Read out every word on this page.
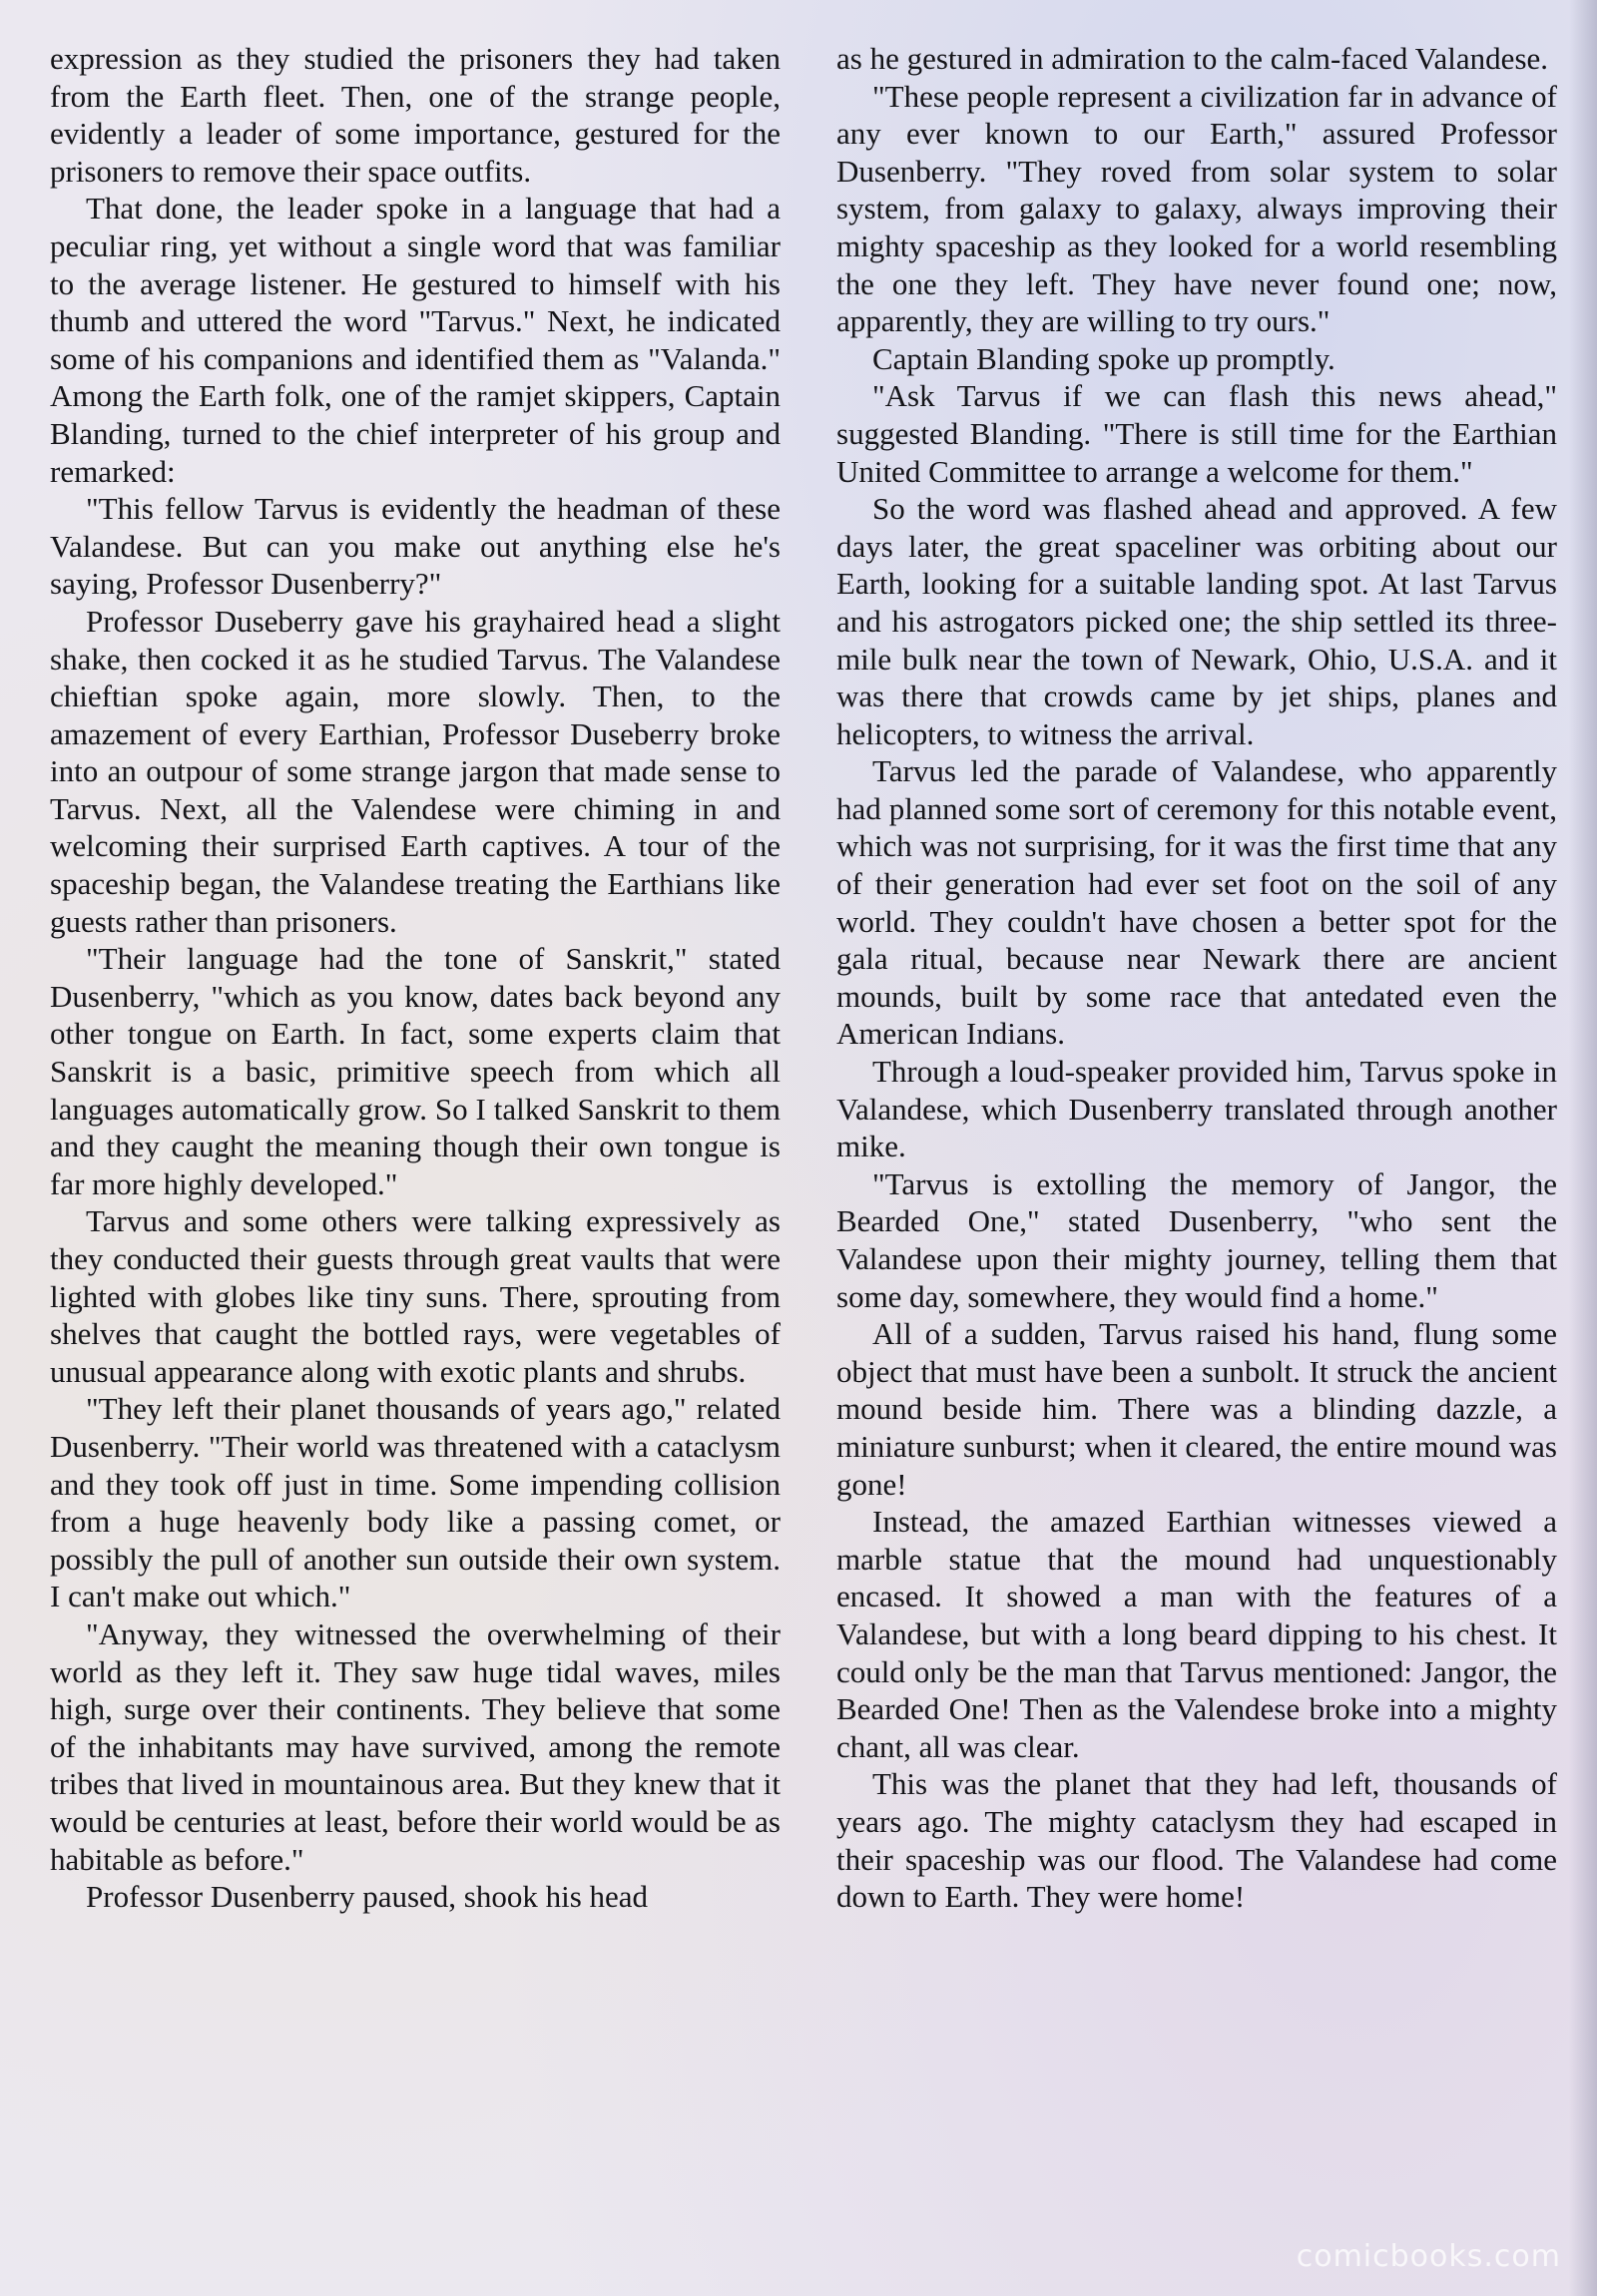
expression as they studied the prisoners they had taken from the Earth fleet. Then, one of the strange people, evidently a leader of some importance, gestured for the prisoners to remove their space outfits.

That done, the leader spoke in a language that had a peculiar ring, yet without a single word that was familiar to the average listener. He gestured to himself with his thumb and uttered the word "Tarvus." Next, he indicated some of his companions and identified them as "Valanda." Among the Earth folk, one of the ramjet skippers, Captain Blanding, turned to the chief interpreter of his group and remarked:

"This fellow Tarvus is evidently the headman of these Valandese. But can you make out anything else he's saying, Professor Dusenberry?"

Professor Duseberry gave his grayhaired head a slight shake, then cocked it as he studied Tarvus. The Valandese chieftian spoke again, more slowly. Then, to the amazement of every Earthian, Professor Duseberry broke into an outpour of some strange jargon that made sense to Tarvus. Next, all the Valendese were chiming in and welcoming their surprised Earth captives. A tour of the spaceship began, the Valandese treating the Earthians like guests rather than prisoners.

"Their language had the tone of Sanskrit," stated Dusenberry, "which as you know, dates back beyond any other tongue on Earth. In fact, some experts claim that Sanskrit is a basic, primitive speech from which all languages automatically grow. So I talked Sanskrit to them and they caught the meaning though their own tongue is far more highly developed."

Tarvus and some others were talking expressively as they conducted their guests through great vaults that were lighted with globes like tiny suns. There, sprouting from shelves that caught the bottled rays, were vegetables of unusual appearance along with exotic plants and shrubs.

"They left their planet thousands of years ago," related Dusenberry. "Their world was threatened with a cataclysm and they took off just in time. Some impending collision from a huge heavenly body like a passing comet, or possibly the pull of another sun outside their own system. I can't make out which."

"Anyway, they witnessed the overwhelming of their world as they left it. They saw huge tidal waves, miles high, surge over their continents. They believe that some of the inhabitants may have survived, among the remote tribes that lived in mountainous area. But they knew that it would be centuries at least, before their world would be as habitable as before."

Professor Dusenberry paused, shook his head

as he gestured in admiration to the calm-faced Valandese.

"These people represent a civilization far in advance of any ever known to our Earth," assured Professor Dusenberry. "They roved from solar system to solar system, from galaxy to galaxy, always improving their mighty spaceship as they looked for a world resembling the one they left. They have never found one; now, apparently, they are willing to try ours."

Captain Blanding spoke up promptly.

"Ask Tarvus if we can flash this news ahead," suggested Blanding. "There is still time for the Earthian United Committee to arrange a welcome for them."

So the word was flashed ahead and approved. A few days later, the great spaceliner was orbiting about our Earth, looking for a suitable landing spot. At last Tarvus and his astrogators picked one; the ship settled its three-mile bulk near the town of Newark, Ohio, U.S.A. and it was there that crowds came by jet ships, planes and helicopters, to witness the arrival.

Tarvus led the parade of Valandese, who apparently had planned some sort of ceremony for this notable event, which was not surprising, for it was the first time that any of their generation had ever set foot on the soil of any world. They couldn't have chosen a better spot for the gala ritual, because near Newark there are ancient mounds, built by some race that antedated even the American Indians.

Through a loud-speaker provided him, Tarvus spoke in Valandese, which Dusenberry translated through another mike.

"Tarvus is extolling the memory of Jangor, the Bearded One," stated Dusenberry, "who sent the Valandese upon their mighty journey, telling them that some day, somewhere, they would find a home."

All of a sudden, Tarvus raised his hand, flung some object that must have been a sunbolt. It struck the ancient mound beside him. There was a blinding dazzle, a miniature sunburst; when it cleared, the entire mound was gone!

Instead, the amazed Earthian witnesses viewed a marble statue that the mound had unquestionably encased. It showed a man with the features of a Valandese, but with a long beard dipping to his chest. It could only be the man that Tarvus mentioned: Jangor, the Bearded One! Then as the Valendese broke into a mighty chant, all was clear.

This was the planet that they had left, thousands of years ago. The mighty cataclysm they had escaped in their spaceship was our flood. The Valandese had come down to Earth. They were home!

comicbooks.com
